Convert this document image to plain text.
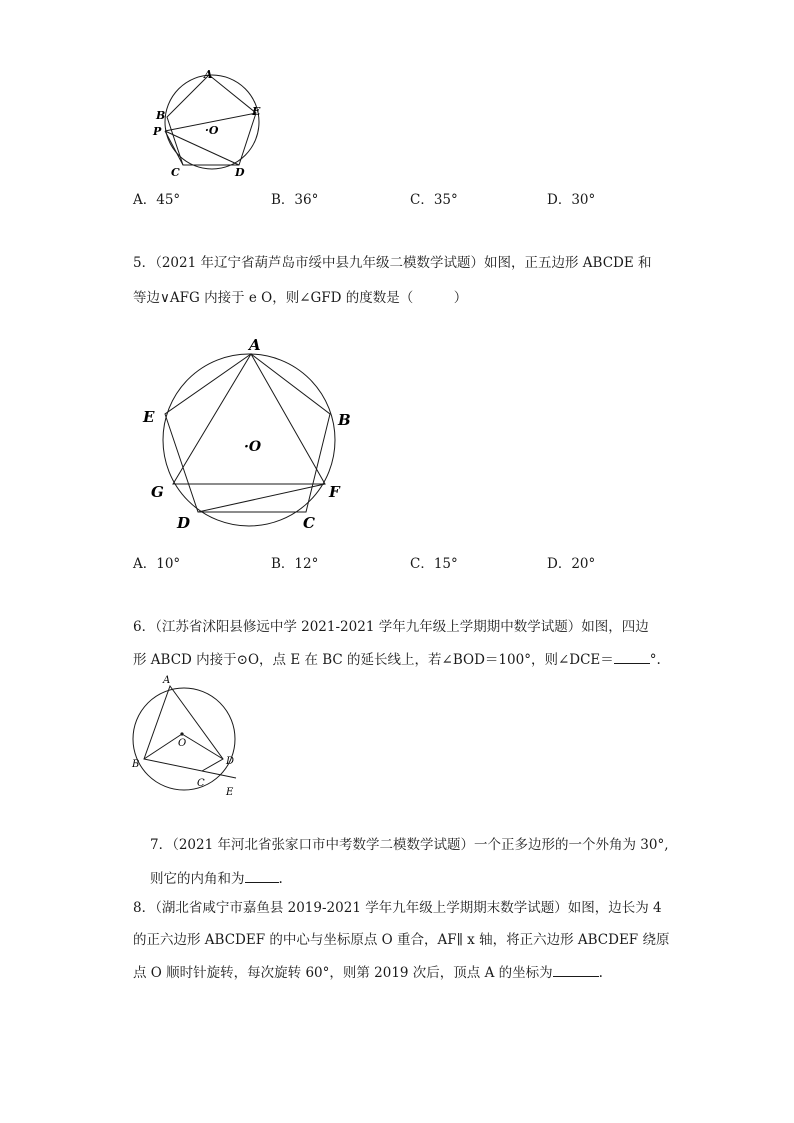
A
B
P
C	D
E
·O
A．45°	B．36°	C．35°	D．30°
5．（2021 年辽宁省葫芦岛市绥中县九年级二模数学试题）如图，正五边形 ABCDE 和
等边∨AFG 内接于 e O，则∠GFD 的度数是（　　　）
A
B
C
D
E
F
G
·O
A．10°	B．12°	C．15°	D．20°
6．（江苏省沭阳县修远中学 2021-2021 学年九年级上学期期中数学试题）如图，四边
形 ABCD 内接于⊙O，点 E 在 BC 的延长线上，若∠BOD＝100°，则∠DCE＝	°.
A
B
C
D
E
O
7．（2021 年河北省张家口市中考数学二模数学试题）一个正多边形的一个外角为 30°,
则它的内角和为	.
8．（湖北省咸宁市嘉鱼县 2019-2021 学年九年级上学期期末数学试题）如图，边长为 4
的正六边形 ABCDEF 的中心与坐标原点 O 重合，AF∥ x 轴，将正六边形 ABCDEF 绕原
点 O 顺时针旋转，每次旋转 60°，则第 2019 次后，顶点 A 的坐标为	.
